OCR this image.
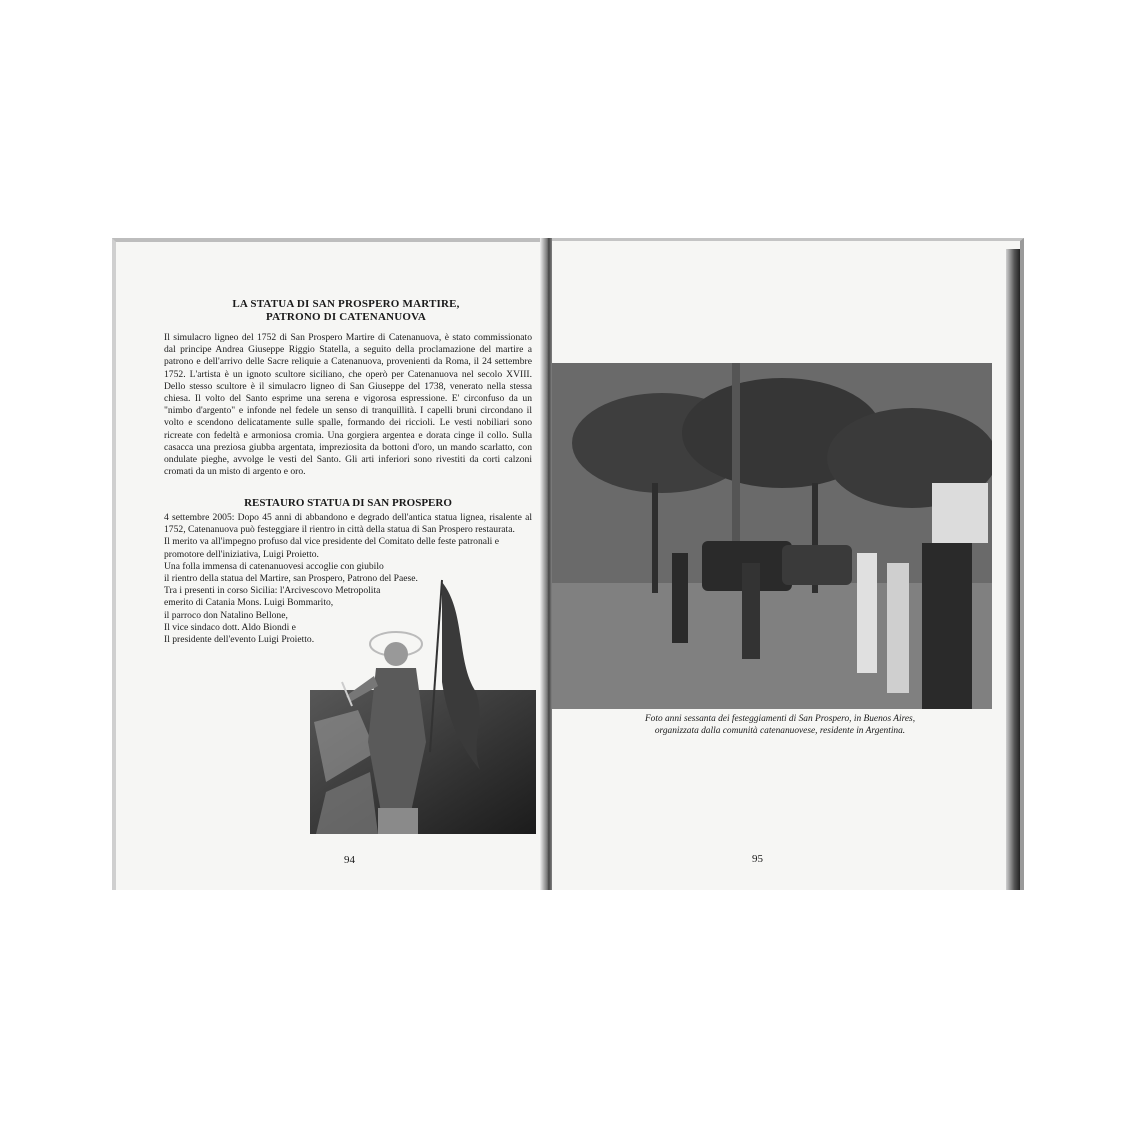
LA STATUA DI SAN PROSPERO MARTIRE,
PATRONO DI CATENANUOVA

Il simulacro ligneo del 1752 di San Prospero Martire di Catenanuova, è stato commissionato dal principe Andrea Giuseppe Riggio Statella, a seguito della proclamazione del martire a patrono e dell'arrivo delle Sacre reliquie a Catenanuova, provenienti da Roma, il 24 settembre 1752. L'artista è un ignoto scultore siciliano, che operò per Catenanuova nel secolo XVIII. Dello stesso scultore è il simulacro ligneo di San Giuseppe del 1738, venerato nella stessa chiesa. Il volto del Santo esprime una serena e vigorosa espressione. E' circonfuso da un "nimbo d'argento" e infonde nel fedele un senso di tranquillità. I capelli bruni circondano il volto e scendono delicatamente sulle spalle, formando dei riccioli. Le vesti nobiliari sono ricreate con fedeltà e armoniosa cromia. Una gorgiera argentea e dorata cinge il collo. Sulla casacca una preziosa giubba argentata, impreziosita da bottoni d'oro, un mando scarlatto, con ondulate pieghe, avvolge le vesti del Santo. Gli arti inferiori sono rivestiti da corti calzoni cromati da un misto di argento e oro.

RESTAURO STATUA DI SAN PROSPERO
4 settembre 2005: Dopo 45 anni di abbandono e degrado dell'antica statua lignea, risalente al 1752, Catenanuova può festeggiare il rientro in città della statua di San Prospero restaurata.
Il merito va all'impegno profuso dal vice presidente del Comitato delle feste patronali e promotore dell'iniziativa, Luigi Proietto.
Una folla immensa di catenanuovesi accoglie con giubilo
il rientro della statua del Martire, san Prospero, Patrono del Paese.
Tra i presenti in corso Sicilia: l'Arcivescovo Metropolita
emerito di Catania Mons. Luigi Bommarito,
il parroco don Natalino Bellone,
Il vice sindaco dott. Aldo Biondi e
Il presidente dell'evento Luigi Proietto.
94
Foto anni sessanta dei festeggiamenti di San Prospero, in Buenos Aires,
organizzata dalla comunità catenanuovese, residente in Argentina.
95
